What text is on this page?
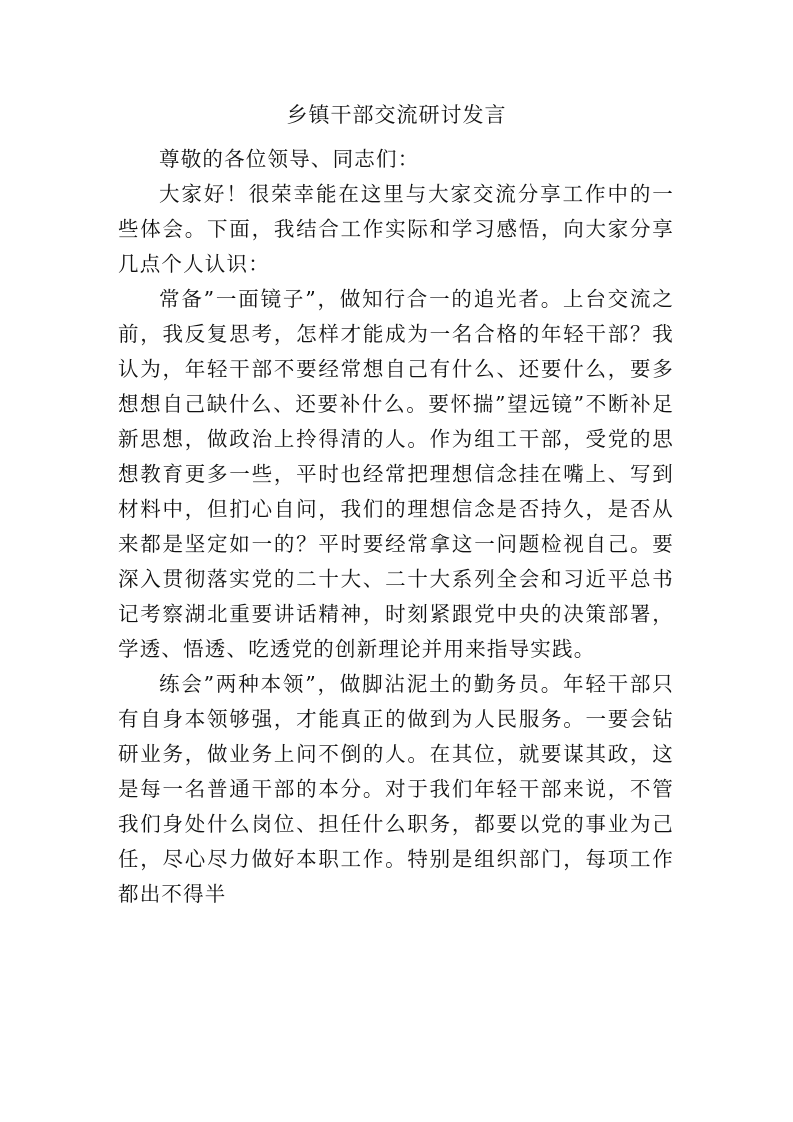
乡镇干部交流研讨发言

尊敬的各位领导、同志们：

大家好！很荣幸能在这里与大家交流分享工作中的一些体会。下面，我结合工作实际和学习感悟，向大家分享几点个人认识：

常备”一面镜子”，做知行合一的追光者。上台交流之前，我反复思考，怎样才能成为一名合格的年轻干部？我认为，年轻干部不要经常想自己有什么、还要什么，要多想想自己缺什么、还要补什么。要怀揣”望远镜”不断补足新思想，做政治上拎得清的人。作为组工干部，受党的思想教育更多一些，平时也经常把理想信念挂在嘴上、写到材料中，但扪心自问，我们的理想信念是否持久，是否从来都是坚定如一的？平时要经常拿这一问题检视自己。要深入贯彻落实党的二十大、二十大系列全会和习近平总书记考察湖北重要讲话精神，时刻紧跟党中央的决策部署，学透、悟透、吃透党的创新理论并用来指导实践。

练会”两种本领”，做脚沾泥土的勤务员。年轻干部只有自身本领够强，才能真正的做到为人民服务。一要会钻研业务，做业务上问不倒的人。在其位，就要谋其政，这是每一名普通干部的本分。对于我们年轻干部来说，不管我们身处什么岗位、担任什么职务，都要以党的事业为己任，尽心尽力做好本职工作。特别是组织部门，每项工作都出不得半
